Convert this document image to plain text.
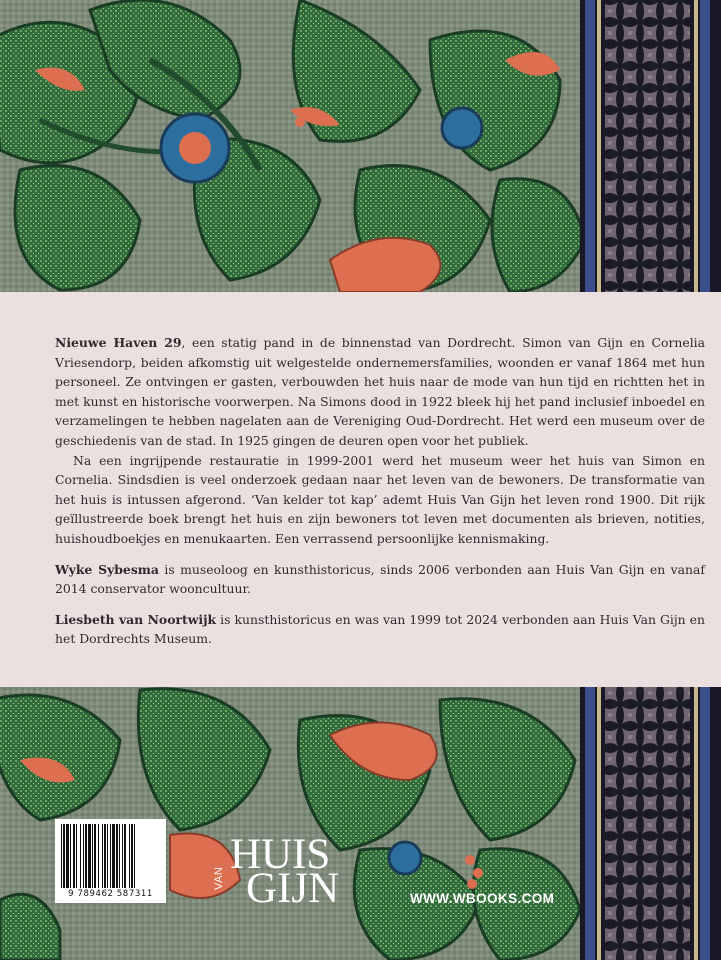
Nieuwe Haven 29, een statig pand in de binnenstad van Dordrecht. Simon van Gijn en Cornelia Vriesendorp, beiden afkomstig uit welgestelde ondernemersfamilies, woonden er vanaf 1864 met hun personeel. Ze ontvingen er gasten, verbouwden het huis naar de mode van hun tijd en richtten het in met kunst en historische voorwerpen. Na Simons dood in 1922 bleek hij het pand inclusief inboedel en verzamelingen te hebben nagelaten aan de Vereniging Oud-Dordrecht. Het werd een museum over de geschiedenis van de stad. In 1925 gingen de deuren open voor het publiek.

Na een ingrijpende restauratie in 1999-2001 werd het museum weer het huis van Simon en Cornelia. Sindsdien is veel onderzoek gedaan naar het leven van de bewoners. De transformatie van het huis is intussen afgerond. ‘Van kelder tot kap’ ademt Huis Van Gijn het leven rond 1900. Dit rijk geïllustreerde boek brengt het huis en zijn bewoners tot leven met documenten als brieven, notities, huishoudboekjes en menukaarten. Een verrassend persoonlijke kennismaking.

Wyke Sybesma is museoloog en kunsthistoricus, sinds 2006 verbonden aan Huis Van Gijn en vanaf 2014 conservator wooncultuur.

Liesbeth van Noortwijk is kunsthistoricus en was van 1999 tot 2024 verbonden aan Huis Van Gijn en het Dordrechts Museum.

9 789462 587311
HUIS
VAN GIJN	WWW.WBOOKS.COM
